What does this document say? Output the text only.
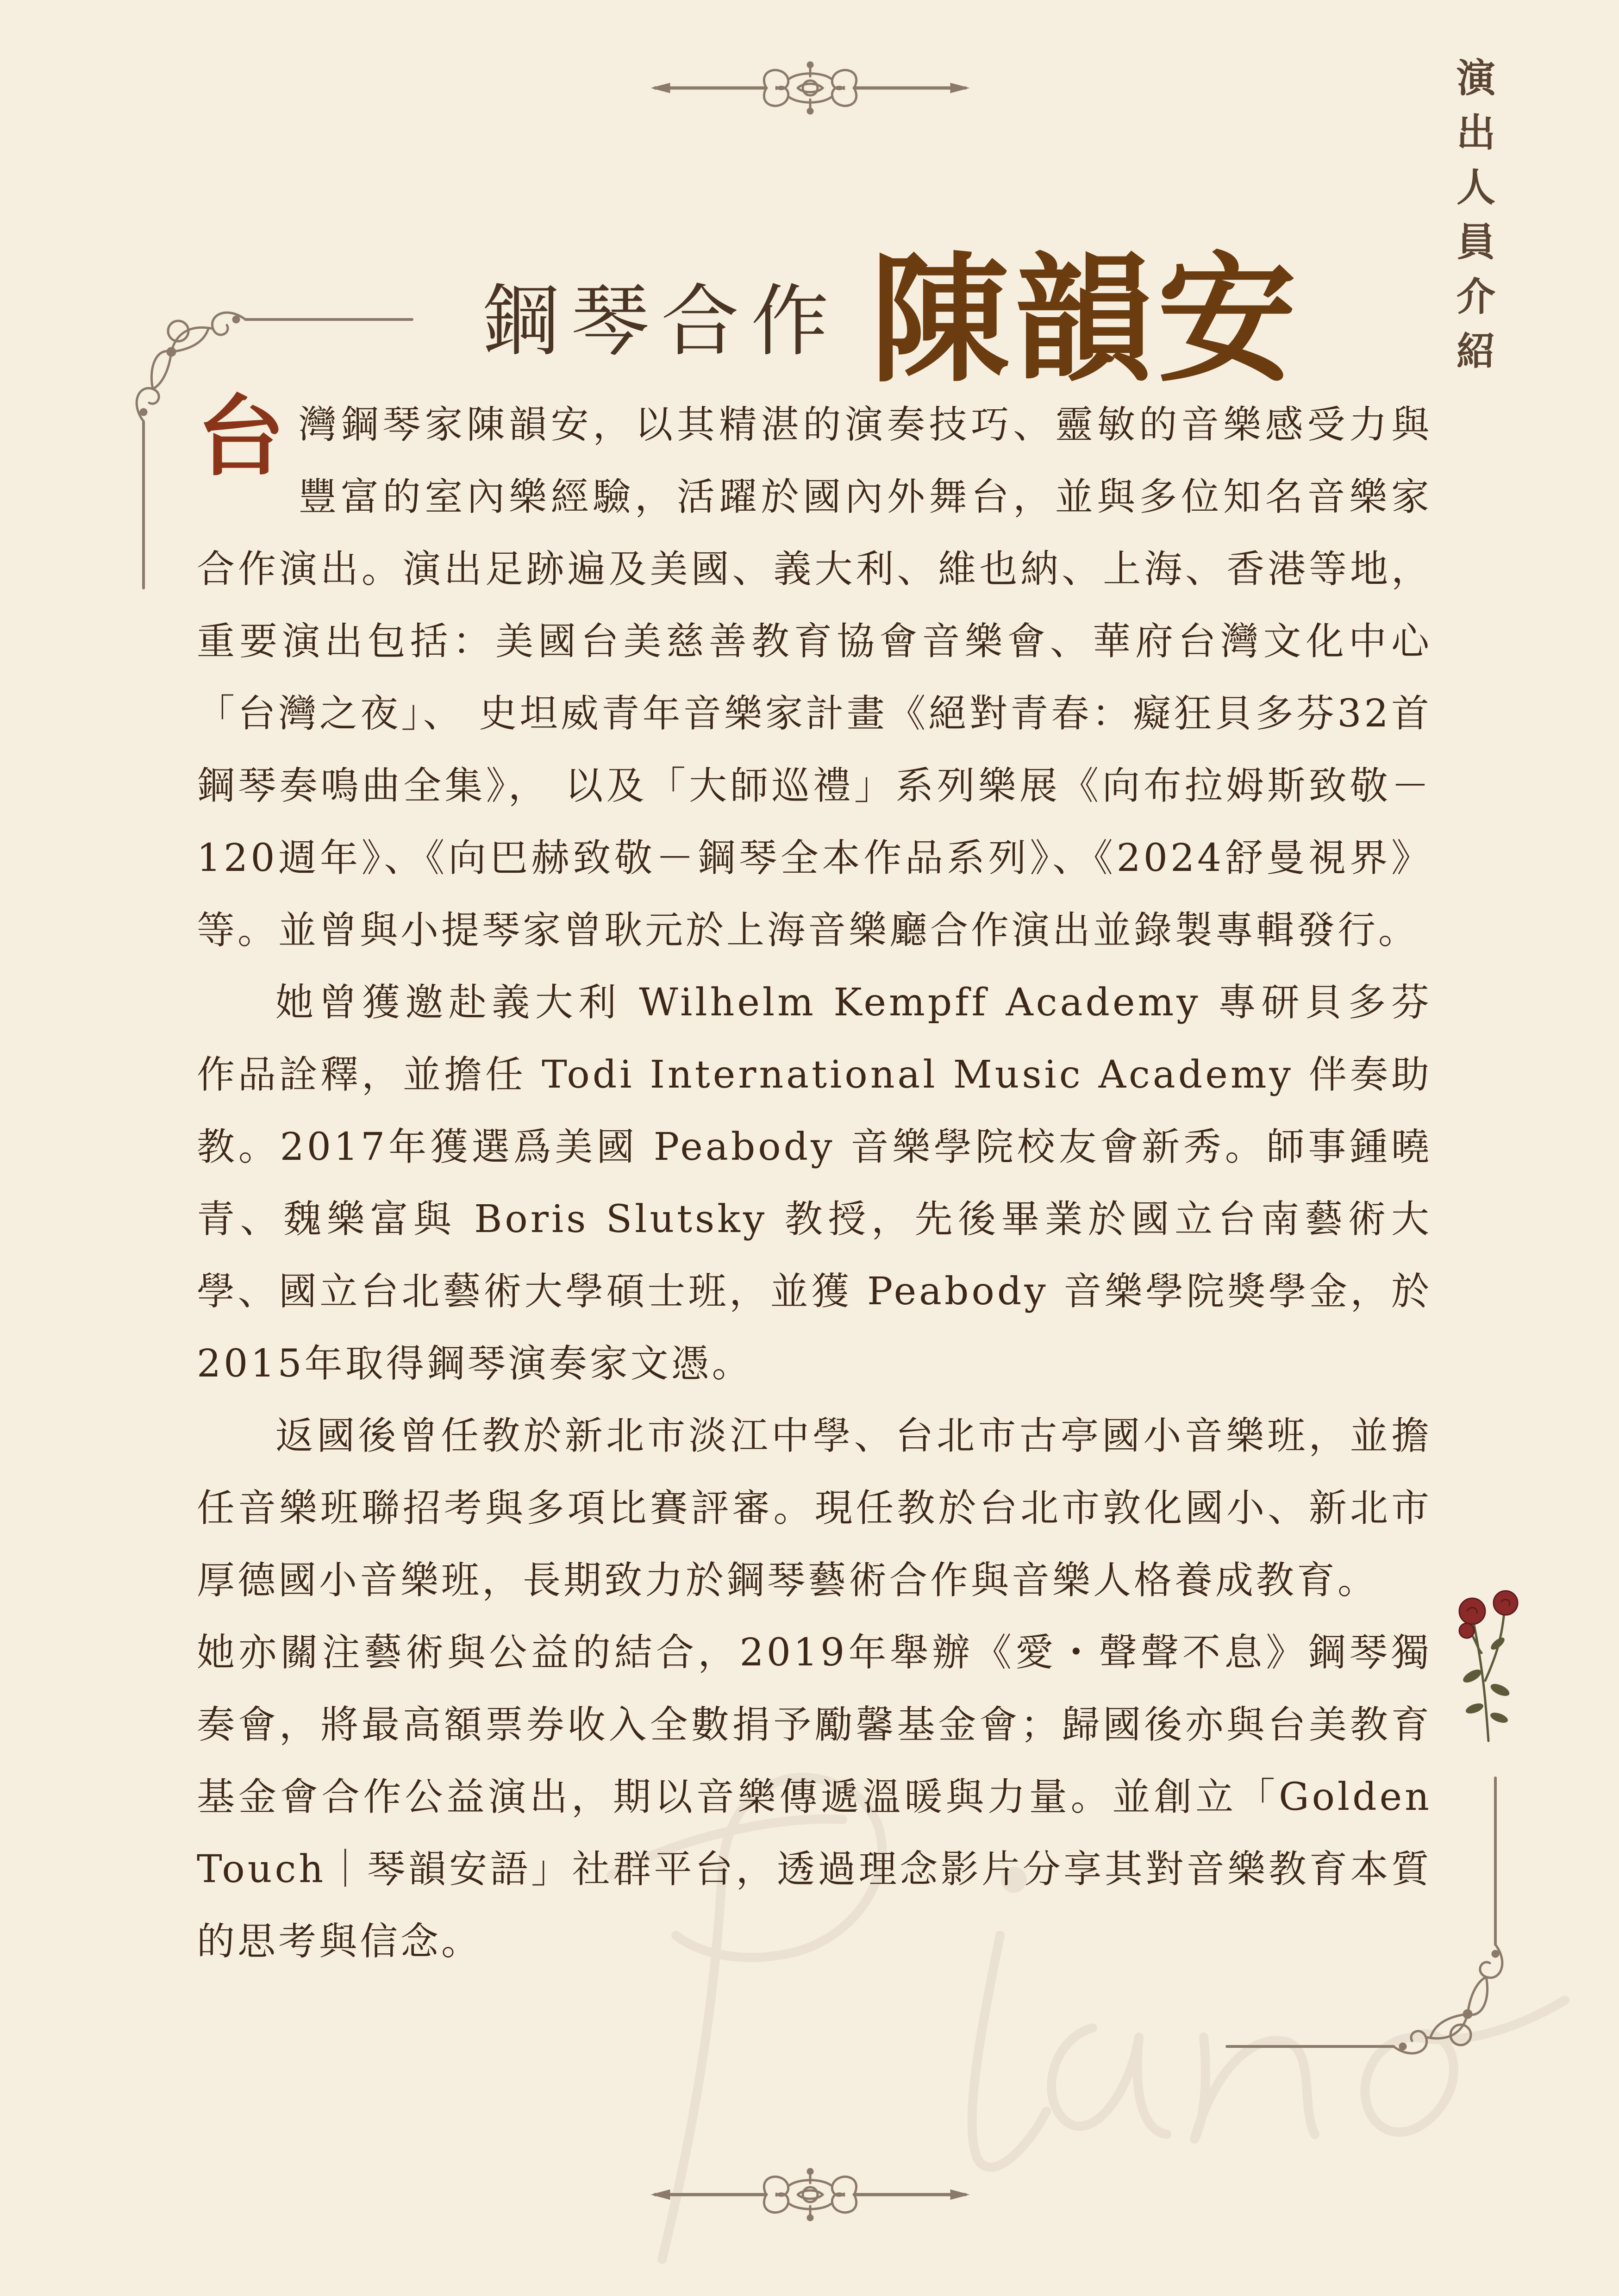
Piano
演出
人員
介紹
鋼琴合作 陳韻安

台灣鋼琴家陳韻安，以其精湛的演奏技巧、靈敏的音樂感受力與豐富的室內樂經驗，活躍於國內外舞台，並與多位知名音樂家合作演出。演出足跡遍及美國、義大利、維也納、上海、香港等地，重要演出包括：美國台美慈善教育協會音樂會、華府台灣文化中心「台灣之夜」、 史坦威青年音樂家計畫《絕對青春：癡狂貝多芬32首鋼琴奏鳴曲全集》， 以及「大師巡禮」系列樂展《向布拉姆斯致敬－120週年》、《向巴赫致敬－鋼琴全本作品系列》、《2024舒曼視界》等。並曾與小提琴家曾耿元於上海音樂廳合作演出並錄製專輯發行。

她曾獲邀赴義大利 Wilhelm Kempff Academy 專研貝多芬作品詮釋，並擔任 Todi International Music Academy 伴奏助教。2017年獲選爲美國 Peabody 音樂學院校友會新秀。師事鍾曉青、魏樂富與 Boris Slutsky 教授，先後畢業於國立台南藝術大學、國立台北藝術大學碩士班，並獲 Peabody 音樂學院獎學金，於2015年取得鋼琴演奏家文憑。

返國後曾任教於新北市淡江中學、台北市古亭國小音樂班，並擔任音樂班聯招考與多項比賽評審。現任教於台北市敦化國小、新北市厚德國小音樂班，長期致力於鋼琴藝術合作與音樂人格養成教育。

她亦關注藝術與公益的結合，2019年舉辦《愛・聲聲不息》鋼琴獨奏會，將最高額票券收入全數捐予勵馨基金會；歸國後亦與台美教育基金會合作公益演出，期以音樂傳遞溫暖與力量。並創立「Golden Touch｜琴韻安語」社群平台，透過理念影片分享其對音樂教育本質的思考與信念。
